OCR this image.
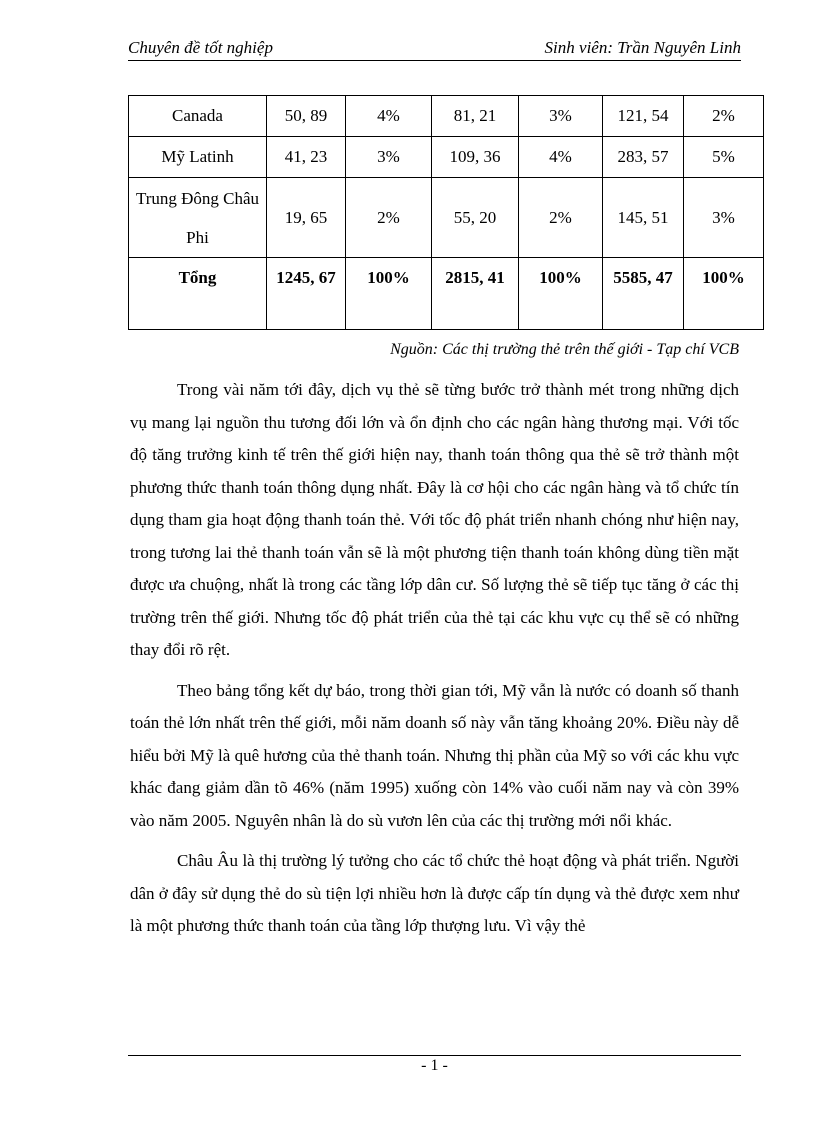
Chuyên đề tốt nghiệp	Sinh viên: Trần Nguyên Linh
Canada	50, 89	4%	81, 21	3%	121, 54	2%
Mỹ Latinh	41, 23	3%	109, 36	4%	283, 57	5%
Trung Đông Châu Phi	19, 65	2%	55, 20	2%	145, 51	3%
Tổng	1245, 67	100%	2815, 41	100%	5585, 47	100%
Nguồn: Các thị trường thẻ trên thế giới - Tạp chí VCB

Trong vài năm tới đây, dịch vụ thẻ sẽ từng bước trở thành mét trong những dịch vụ mang lại nguồn thu tương đối lớn và ổn định cho các ngân hàng thương mại. Với tốc độ tăng trưởng kinh tế trên thế giới hiện nay, thanh toán thông qua thẻ sẽ trở thành một phương thức thanh toán thông dụng nhất. Đây là cơ hội cho các ngân hàng và tổ chức tín dụng tham gia hoạt động thanh toán thẻ. Với tốc độ phát triển nhanh chóng như hiện nay, trong tương lai thẻ thanh toán vẫn sẽ là một phương tiện thanh toán không dùng tiền mặt được ưa chuộng, nhất là trong các tầng lớp dân cư. Số lượng thẻ sẽ tiếp tục tăng ở các thị trường trên thế giới. Nhưng tốc độ phát triển của thẻ tại các khu vực cụ thể sẽ có những thay đổi rõ rệt.

Theo bảng tổng kết dự báo, trong thời gian tới, Mỹ vẫn là nước có doanh số thanh toán thẻ lớn nhất trên thế giới, mỗi năm doanh số này vẫn tăng khoảng 20%. Điều này dễ hiểu bởi Mỹ là quê hương của thẻ thanh toán. Nhưng thị phần của Mỹ so với các khu vực khác đang giảm dần tõ 46% (năm 1995) xuống còn 14% vào cuối năm nay và còn 39% vào năm 2005. Nguyên nhân là do sù vươn lên của các thị trường mới nổi khác.

Châu Âu là thị trường lý tưởng cho các tổ chức thẻ hoạt động và phát triển. Người dân ở đây sử dụng thẻ do sù tiện lợi nhiều hơn là được cấp tín dụng và thẻ được xem như là một phương thức thanh toán của tầng lớp thượng lưu. Vì vậy thẻ

- 1 -
